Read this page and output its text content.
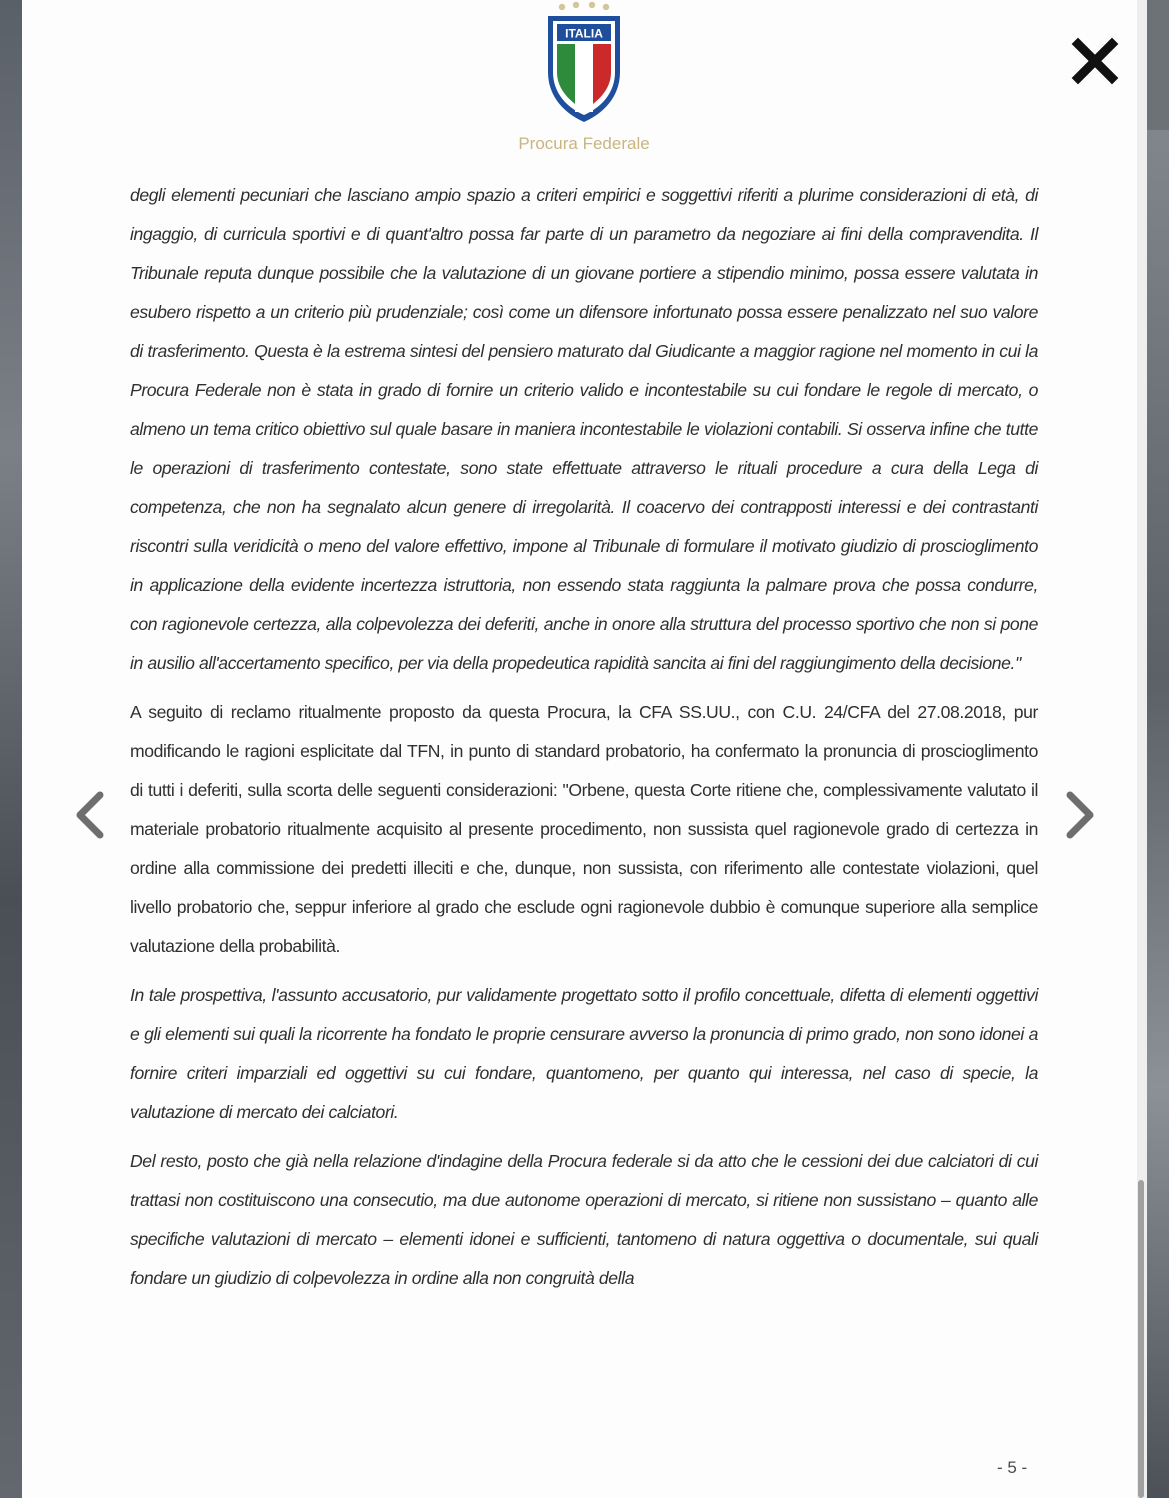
ITALIA
Procura Federale

degli elementi pecuniari che lasciano ampio spazio a criteri empirici e soggettivi riferiti a plurime considerazioni di età, di ingaggio, di curricula sportivi e di quant'altro possa far parte di un parametro da negoziare ai fini della compravendita. Il Tribunale reputa dunque possibile che la valutazione di un giovane portiere a stipendio minimo, possa essere valutata in esubero rispetto a un criterio più prudenziale; così come un difensore infortunato possa essere penalizzato nel suo valore di trasferimento. Questa è la estrema sintesi del pensiero maturato dal Giudicante a maggior ragione nel momento in cui la Procura Federale non è stata in grado di fornire un criterio valido e incontestabile su cui fondare le regole di mercato, o almeno un tema critico obiettivo sul quale basare in maniera incontestabile le violazioni contabili. Si osserva infine che tutte le operazioni di trasferimento contestate, sono state effettuate attraverso le rituali procedure a cura della Lega di competenza, che non ha segnalato alcun genere di irregolarità. Il coacervo dei contrapposti interessi e dei contrastanti riscontri sulla veridicità o meno del valore effettivo, impone al Tribunale di formulare il motivato giudizio di proscioglimento in applicazione della evidente incertezza istruttoria, non essendo stata raggiunta la palmare prova che possa condurre, con ragionevole certezza, alla colpevolezza dei deferiti, anche in onore alla struttura del processo sportivo che non si pone in ausilio all'accertamento specifico, per via della propedeutica rapidità sancita ai fini del raggiungimento della decisione."

A seguito di reclamo ritualmente proposto da questa Procura, la CFA SS.UU., con C.U. 24/CFA del 27.08.2018, pur modificando le ragioni esplicitate dal TFN, in punto di standard probatorio, ha confermato la pronuncia di proscioglimento di tutti i deferiti, sulla scorta delle seguenti considerazioni: "Orbene, questa Corte ritiene che, complessivamente valutato il materiale probatorio ritualmente acquisito al presente procedimento, non sussista quel ragionevole grado di certezza in ordine alla commissione dei predetti illeciti e che, dunque, non sussista, con riferimento alle contestate violazioni, quel livello probatorio che, seppur inferiore al grado che esclude ogni ragionevole dubbio è comunque superiore alla semplice valutazione della probabilità.

In tale prospettiva, l'assunto accusatorio, pur validamente progettato sotto il profilo concettuale, difetta di elementi oggettivi e gli elementi sui quali la ricorrente ha fondato le proprie censurare avverso la pronuncia di primo grado, non sono idonei a fornire criteri imparziali ed oggettivi su cui fondare, quantomeno, per quanto qui interessa, nel caso di specie, la valutazione di mercato dei calciatori.

Del resto, posto che già nella relazione d'indagine della Procura federale si da atto che le cessioni dei due calciatori di cui trattasi non costituiscono una consecutio, ma due autonome operazioni di mercato, si ritiene non sussistano – quanto alle specifiche valutazioni di mercato – elementi idonei e sufficienti, tantomeno di natura oggettiva o documentale, sui quali fondare un giudizio di colpevolezza in ordine alla non congruità della

- 5 -
